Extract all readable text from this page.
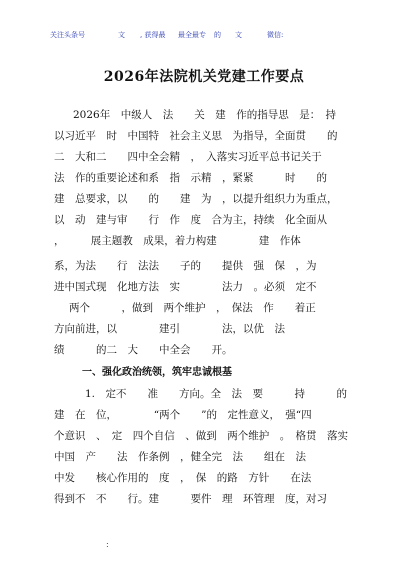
关注头条号	文 , 获得最 最全最专 的 文	微信:
2026年法院机关党建工作要点
2026年　中级人　法　　关　建　作的指导思　是：　持
以习近平　时　中国特　社会主义思　为指导，全面贯　　的
二　大和二　　四中全会精　，　入落实习近平总书记关于
法　作的重要论述和系　指　示精　，紧紧　　　时　　的
建　总要求，以　　的　　建　为　，以提升组织力为重点，
以　动　建与审　　行　作　度　合为主，持续　化全面从
，　　　展主题教　成果，着力构建　　　　建　作体
系，为法　　行　法法　　子的　　提供　强　保　，为
进中国式现　化地方法　实　　　　法力　。必须　定不
两个　　　，做到　两个维护　，　保法　作　　着正
方向前进，以　　　　建引　　　　法，以优　法
绩　　　的二　大　　中全会　　开。
一、强化政治统领，筑牢忠诚根基
1.　定不　　准　　方向。全　法　要　　　持　　　的
建　在　位，　　　　“两个　　”的　定性意义，　强“四
个意识　、　定　四个自信　、做到　两个维护　。　格贯　落实
中国　产　　法　作条例　，健全完　法　　组在　法
中发　　核心作用的　度　，　保　的路　方针　　在法
得到不　不　　行。建　　　要件　理　环管理　度，对习
:
